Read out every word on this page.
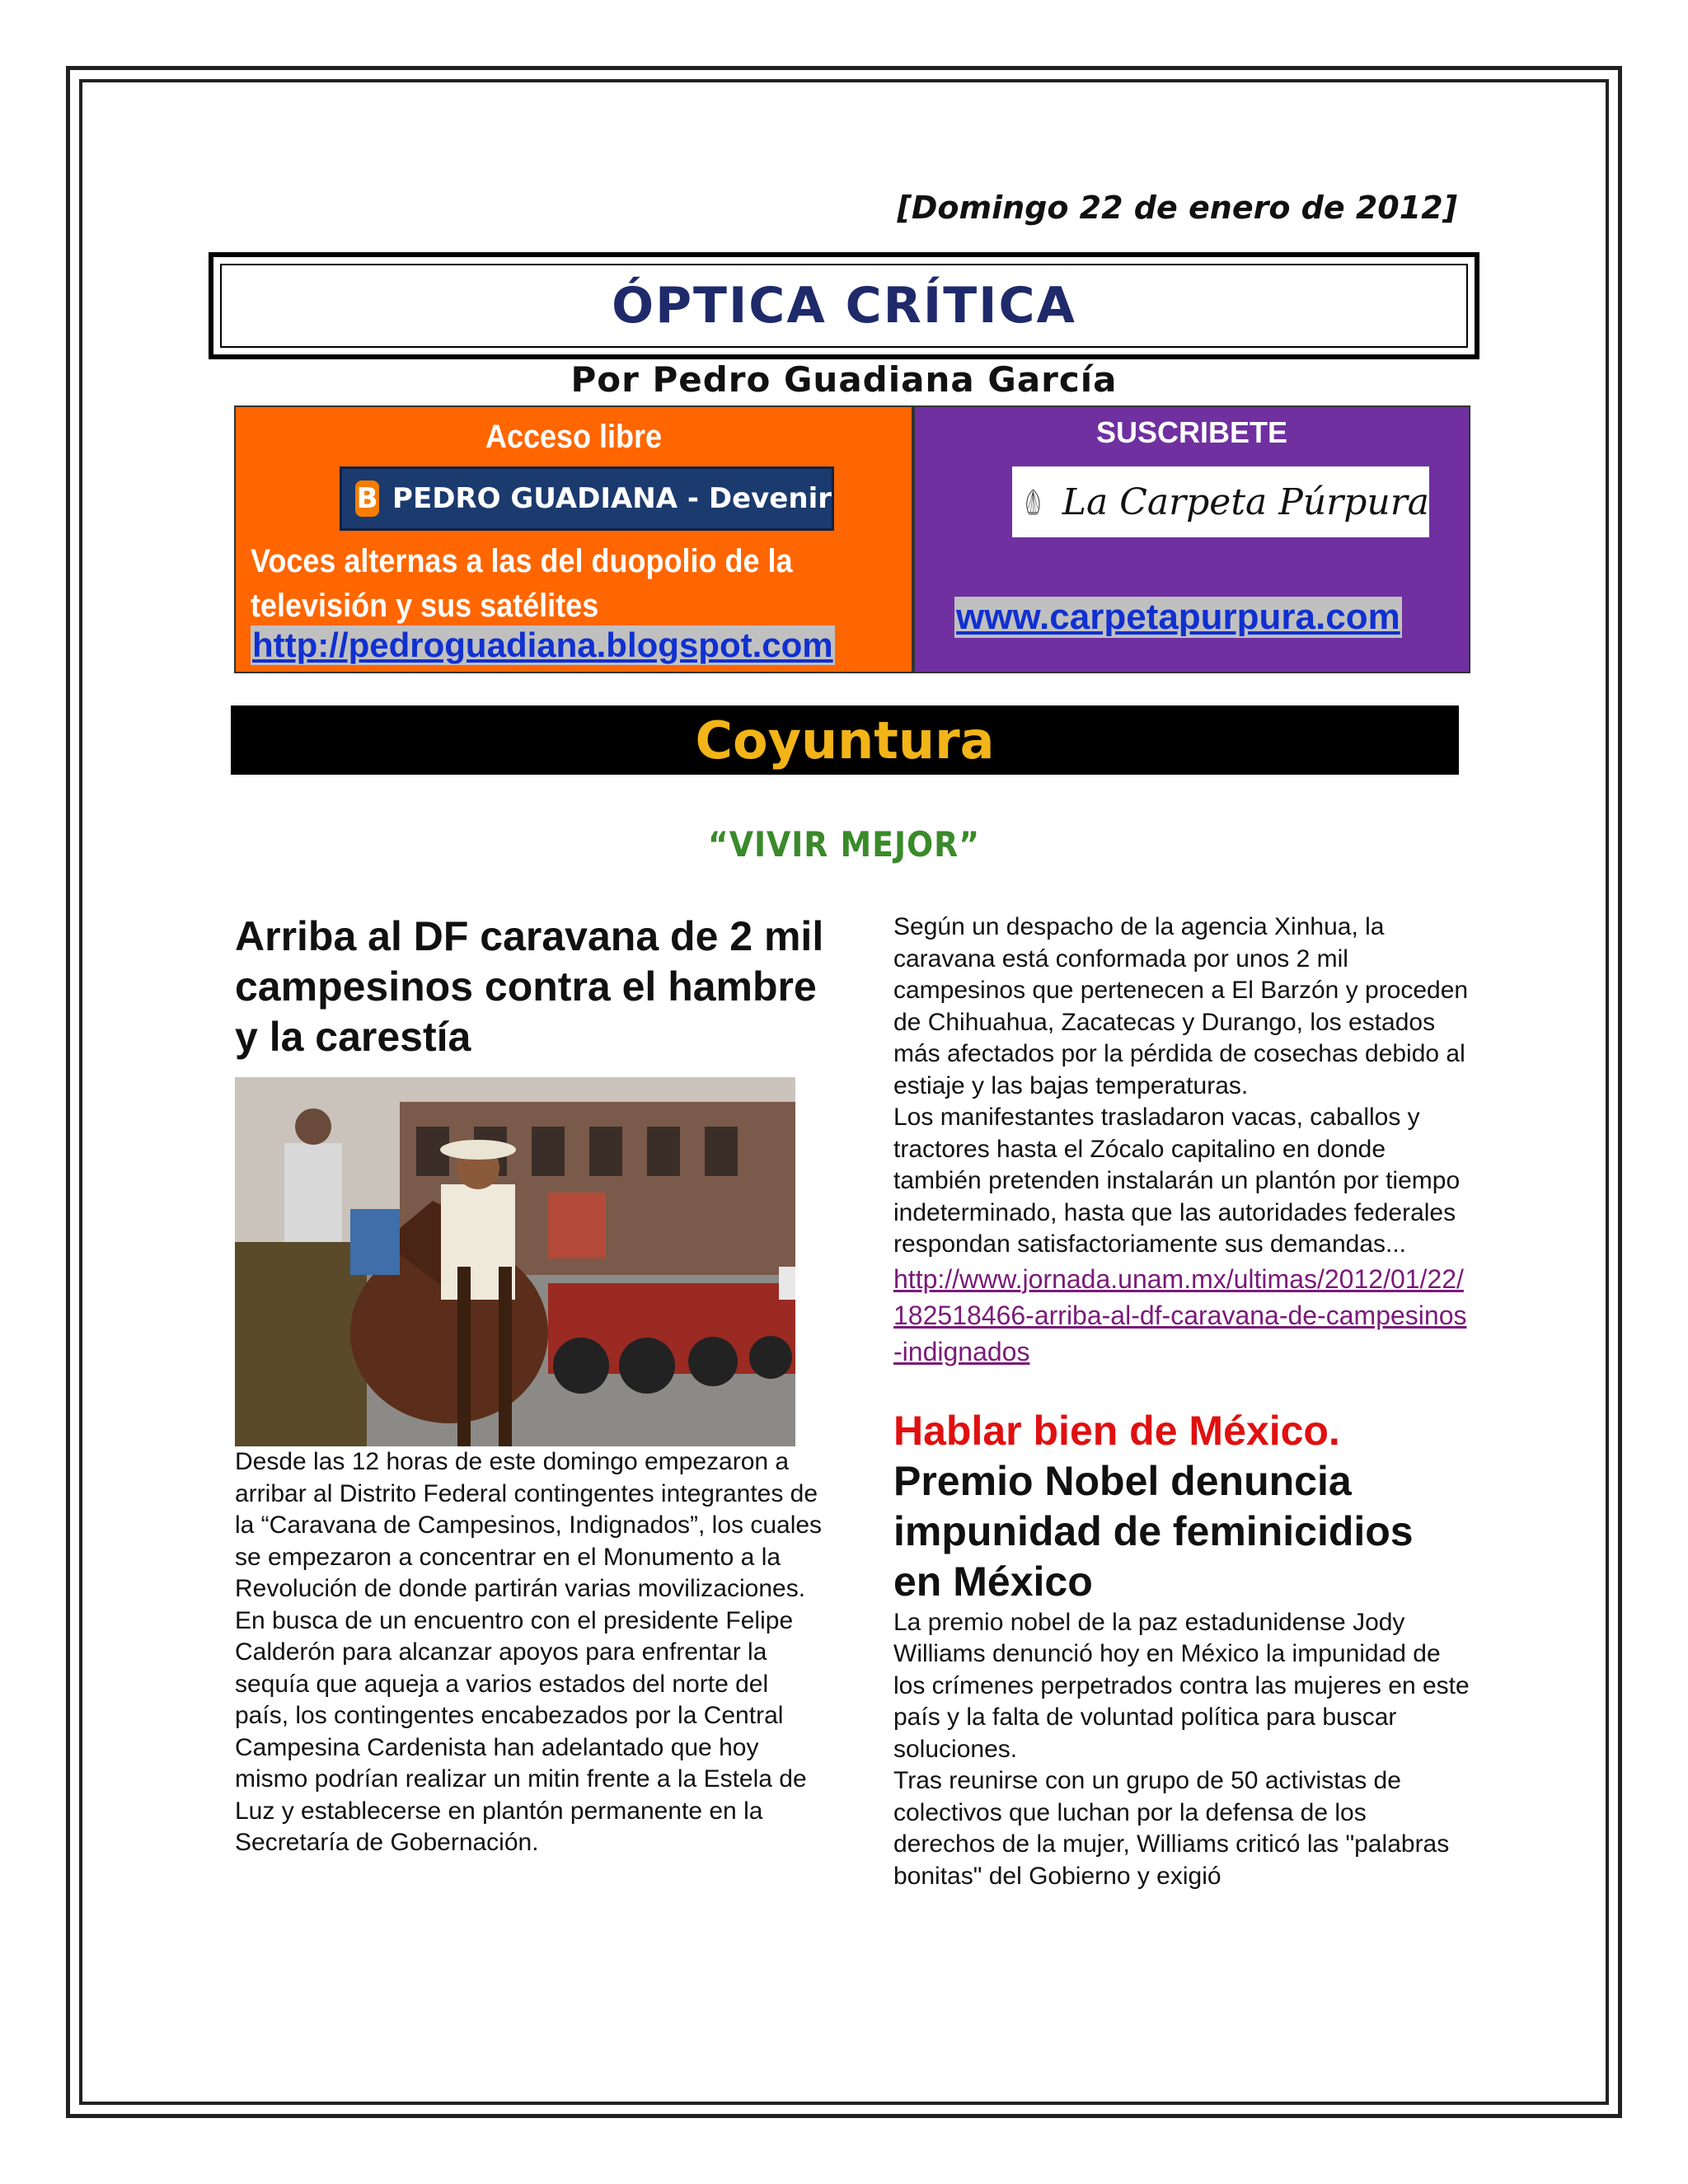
[Domingo 22 de enero de 2012]
ÓPTICA CRÍTICA
Por Pedro Guadiana García
Acceso libre
B PEDRO GUADIANA - Devenir
Voces alternas a las del duopolio de la televisión y sus satélites
http://pedroguadiana.blogspot.com
SUSCRIBETE
La Carpeta Púrpura
www.carpetapurpura.com
Coyuntura
“VIVIR MEJOR”
Arriba al DF caravana de 2 mil campesinos contra el hambre y la carestía

Desde las 12 horas de este domingo empezaron a arribar al Distrito Federal contingentes integrantes de la “Caravana de Campesinos, Indignados”, los cuales se empezaron a concentrar en el Monumento a la Revolución de donde partirán varias movilizaciones.

En busca de un encuentro con el presidente Felipe Calderón para alcanzar apoyos para enfrentar la sequía que aqueja a varios estados del norte del país, los contingentes encabezados por la Central Campesina Cardenista han adelantado que hoy mismo podrían realizar un mitin frente a la Estela de Luz y establecerse en plantón permanente en la Secretaría de Gobernación.

Según un despacho de la agencia Xinhua, la caravana está conformada por unos 2 mil campesinos que pertenecen a El Barzón y proceden de Chihuahua, Zacatecas y Durango, los estados más afectados por la pérdida de cosechas debido al estiaje y las bajas temperaturas.

Los manifestantes trasladaron vacas, caballos y tractores hasta el Zócalo capitalino en donde también pretenden instalarán un plantón por tiempo indeterminado, hasta que las autoridades federales respondan satisfactoriamente sus demandas...

http://www.jornada.unam.mx/ultimas/2012/01/22/182518466-arriba-al-df-caravana-de-campesinos-indignados

Hablar bien de México.
Premio Nobel denuncia impunidad de feminicidios en México

La premio nobel de la paz estadunidense Jody Williams denunció hoy en México la impunidad de los crímenes perpetrados contra las mujeres en este país y la falta de voluntad política para buscar soluciones.

Tras reunirse con un grupo de 50 activistas de colectivos que luchan por la defensa de los derechos de la mujer, Williams criticó las "palabras bonitas" del Gobierno y exigió
